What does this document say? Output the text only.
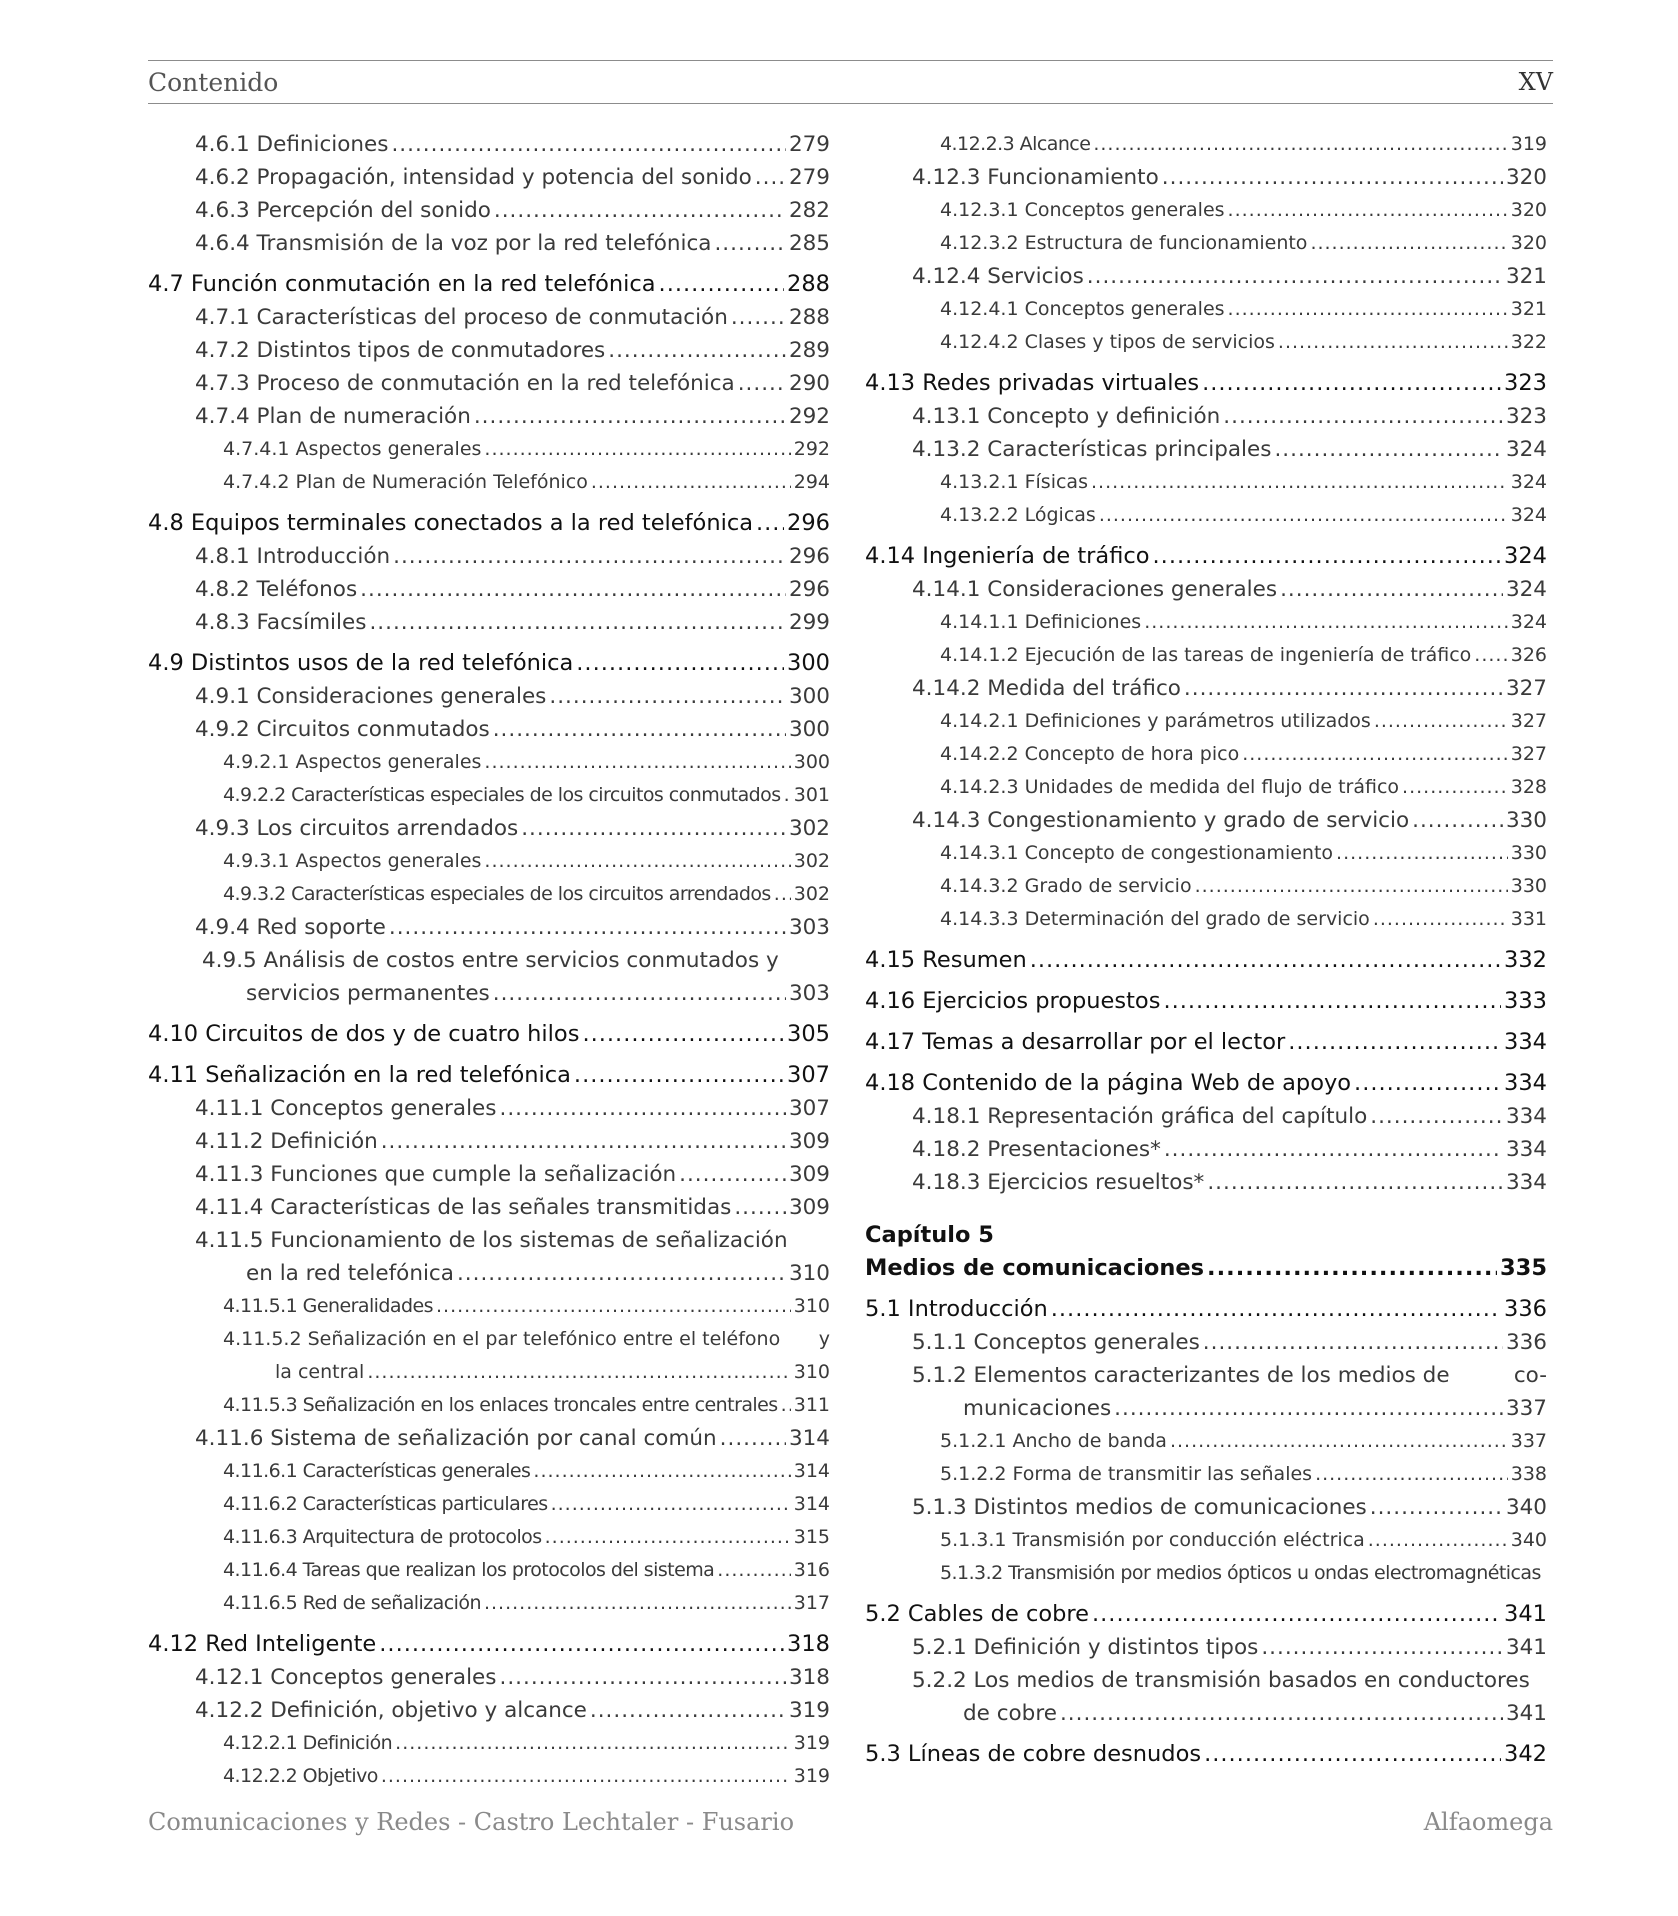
Contenido	XV
4.6.1 Definiciones .....	279
4.6.2 Propagación, intensidad y potencia del sonido ..... 279
4.6.3 Percepción del sonido .....	282
4.6.4 Transmisión de la voz por la red telefónica .....	285
4.7 Función conmutación en la red telefónica .....	288
4.7.1 Características del proceso de conmutación .....	288
4.7.2 Distintos tipos de conmutadores .....	289
4.7.3 Proceso de conmutación en la red telefónica .....	290
4.7.4 Plan de numeración .....	292
4.7.4.1 Aspectos generales .....	292
4.7.4.2 Plan de Numeración Telefónico .....	294
4.8 Equipos terminales conectados a la red telefónica ..... 296
4.8.1 Introducción .....	296
4.8.2 Teléfonos .....	296
4.8.3 Facsímiles .....	299
4.9 Distintos usos de la red telefónica .....	300
4.9.1 Consideraciones generales .....	300
4.9.2 Circuitos conmutados .....	300
4.9.2.1 Aspectos generales .....	300
4.9.2.2 Características especiales de los circuitos conmutados ..... 301
4.9.3 Los circuitos arrendados .....	302
4.9.3.1 Aspectos generales .....	302
4.9.3.2 Características especiales de los circuitos arrendados ..... 302
4.9.4 Red soporte .....	303
4.9.5 Análisis de costos entre servicios conmutados y
servicios permanentes .....	303
4.10 Circuitos de dos y de cuatro hilos .....	305
4.11 Señalización en la red telefónica .....	307
4.11.1 Conceptos generales .....	307
4.11.2 Definición .....	309
4.11.3 Funciones que cumple la señalización .....	309
4.11.4 Características de las señales transmitidas .....	309
4.11.5 Funcionamiento de los sistemas de señalización
en la red telefónica .....	310
4.11.5.1 Generalidades .....	310
4.11.5.2 Señalización en el par telefónico entre el teléfono y
la central .....	310
4.11.5.3 Señalización en los enlaces troncales entre centrales ..... 311
4.11.6 Sistema de señalización por canal común .....	314
4.11.6.1 Características generales .....	314
4.11.6.2 Características particulares .....	314
4.11.6.3 Arquitectura de protocolos .....	315
4.11.6.4 Tareas que realizan los protocolos del sistema .....	316
4.11.6.5 Red de señalización .....	317
4.12 Red Inteligente .....	318
4.12.1 Conceptos generales .....	318
4.12.2 Definición, objetivo y alcance .....	319
4.12.2.1 Definición .....	319
4.12.2.2 Objetivo .....	319
4.12.2.3 Alcance .....	319
4.12.3 Funcionamiento .....	320
4.12.3.1 Conceptos generales .....	320
4.12.3.2 Estructura de funcionamiento .....	320
4.12.4 Servicios .....	321
4.12.4.1 Conceptos generales .....	321
4.12.4.2 Clases y tipos de servicios .....	322
4.13 Redes privadas virtuales .....	323
4.13.1 Concepto y definición .....	323
4.13.2 Características principales .....	324
4.13.2.1 Físicas .....	324
4.13.2.2 Lógicas .....	324
4.14 Ingeniería de tráfico .....	324
4.14.1 Consideraciones generales .....	324
4.14.1.1 Definiciones .....	324
4.14.1.2 Ejecución de las tareas de ingeniería de tráfico ..... 326
4.14.2 Medida del tráfico .....	327
4.14.2.1 Definiciones y parámetros utilizados .....	327
4.14.2.2 Concepto de hora pico .....	327
4.14.2.3 Unidades de medida del flujo de tráfico .....	328
4.14.3 Congestionamiento y grado de servicio .....	330
4.14.3.1 Concepto de congestionamiento .....	330
4.14.3.2 Grado de servicio .....	330
4.14.3.3 Determinación del grado de servicio .....	331
4.15 Resumen .....	332
4.16 Ejercicios propuestos .....	333
4.17 Temas a desarrollar por el lector .....	334
4.18 Contenido de la página Web de apoyo .....	334
4.18.1 Representación gráfica del capítulo .....	334
4.18.2 Presentaciones* .....	334
4.18.3 Ejercicios resueltos* .....	334
Capítulo 5
Medios de comunicaciones .....	335
5.1 Introducción .....	336
5.1.1 Conceptos generales .....	336
5.1.2 Elementos caracterizantes de los medios de	co-
municaciones .....	337
5.1.2.1 Ancho de banda .....	337
5.1.2.2 Forma de transmitir las señales .....	338
5.1.3 Distintos medios de comunicaciones .....	340
5.1.3.1 Transmisión por conducción eléctrica .....	340
5.1.3.2 Transmisión por medios ópticos u ondas electromagnéticas
5.2 Cables de cobre .....	341
5.2.1 Definición y distintos tipos .....	341
5.2.2 Los medios de transmisión basados en conductores
de cobre .....	341
5.3 Líneas de cobre desnudos .....	342
Comunicaciones y Redes - Castro Lechtaler - Fusario	Alfaomega
